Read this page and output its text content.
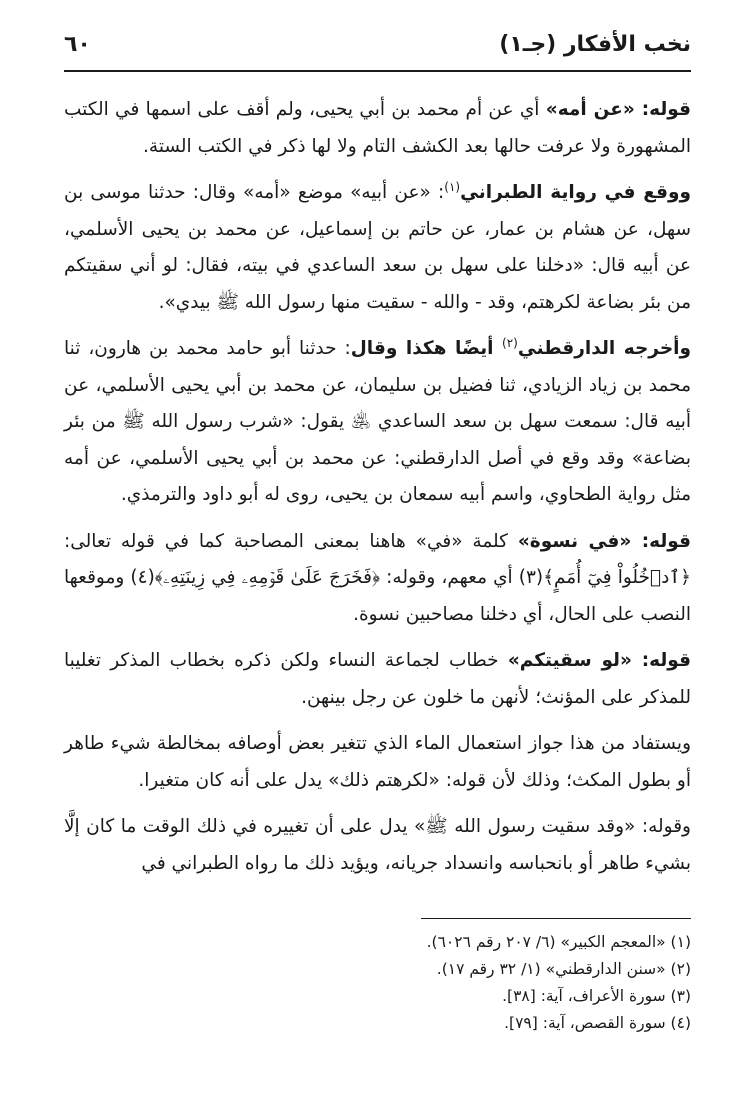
نخب الأفكار (جـ١)
٦٠

قوله: «عن أمه» أي عن أم محمد بن أبي يحيى، ولم أقف على اسمها في الكتب المشهورة ولا عرفت حالها بعد الكشف التام ولا لها ذكر في الكتب الستة.

ووقع في رواية الطبراني$^{(١)}$: «عن أبيه» موضع «أمه» وقال: حدثنا موسى بن سهل، عن هشام بن عمار، عن حاتم بن إسماعيل، عن محمد بن يحيى الأسلمي، عن أبيه قال: «دخلنا على سهل بن سعد الساعدي في بيته، فقال: لو أني سقيتكم من بئر بضاعة لكرهتم، وقد - والله - سقيت منها رسول الله ﷺ بيدي».

وأخرجه الدارقطني$^{(٢)}$ أيضًا هكذا وقال: حدثنا أبو حامد محمد بن هارون، ثنا محمد بن زياد الزيادي، ثنا فضيل بن سليمان، عن محمد بن أبي يحيى الأسلمي، عن أبيه قال: سمعت سهل بن سعد الساعدي ﵁ يقول: «شرب رسول الله ﷺ من بئر بضاعة» وقد وقع في أصل الدارقطني: عن محمد بن أبي يحيى الأسلمي، عن أمه مثل رواية الطحاوي، واسم أبيه سمعان بن يحيى، روى له أبو داود والترمذي.

قوله: «في نسوة» كلمة «في» هاهنا بمعنى المصاحبة كما في قوله تعالى: ﴿ٱدۡخُلُواْ فِيٓ أُمَمٍ﴾(٣) أي معهم، وقوله: ﴿فَخَرَجَ عَلَىٰ قَوۡمِهِۦ فِي زِينَتِهِۦ﴾(٤) وموقعها النصب على الحال، أي دخلنا مصاحبين نسوة.

قوله: «لو سقيتكم» خطاب لجماعة النساء ولكن ذكره بخطاب المذكر تغليبا للمذكر على المؤنث؛ لأنهن ما خلون عن رجل بينهن.

ويستفاد من هذا جواز استعمال الماء الذي تتغير بعض أوصافه بمخالطة شيء طاهر أو بطول المكث؛ وذلك لأن قوله: «لكرهتم ذلك» يدل على أنه كان متغيرا.

وقوله: «وقد سقيت رسول الله ﷺ» يدل على أن تغييره في ذلك الوقت ما كان إلَّا بشيء طاهر أو بانحباسه وانسداد جريانه، ويؤيد ذلك ما رواه الطبراني في

(١) «المعجم الكبير» (٦/ ٢٠٧ رقم ٦٠٢٦).
(٢) «سنن الدارقطني» (١/ ٣٢ رقم ١٧).
(٣) سورة الأعراف، آية: [٣٨].
(٤) سورة القصص، آية: [٧٩].
